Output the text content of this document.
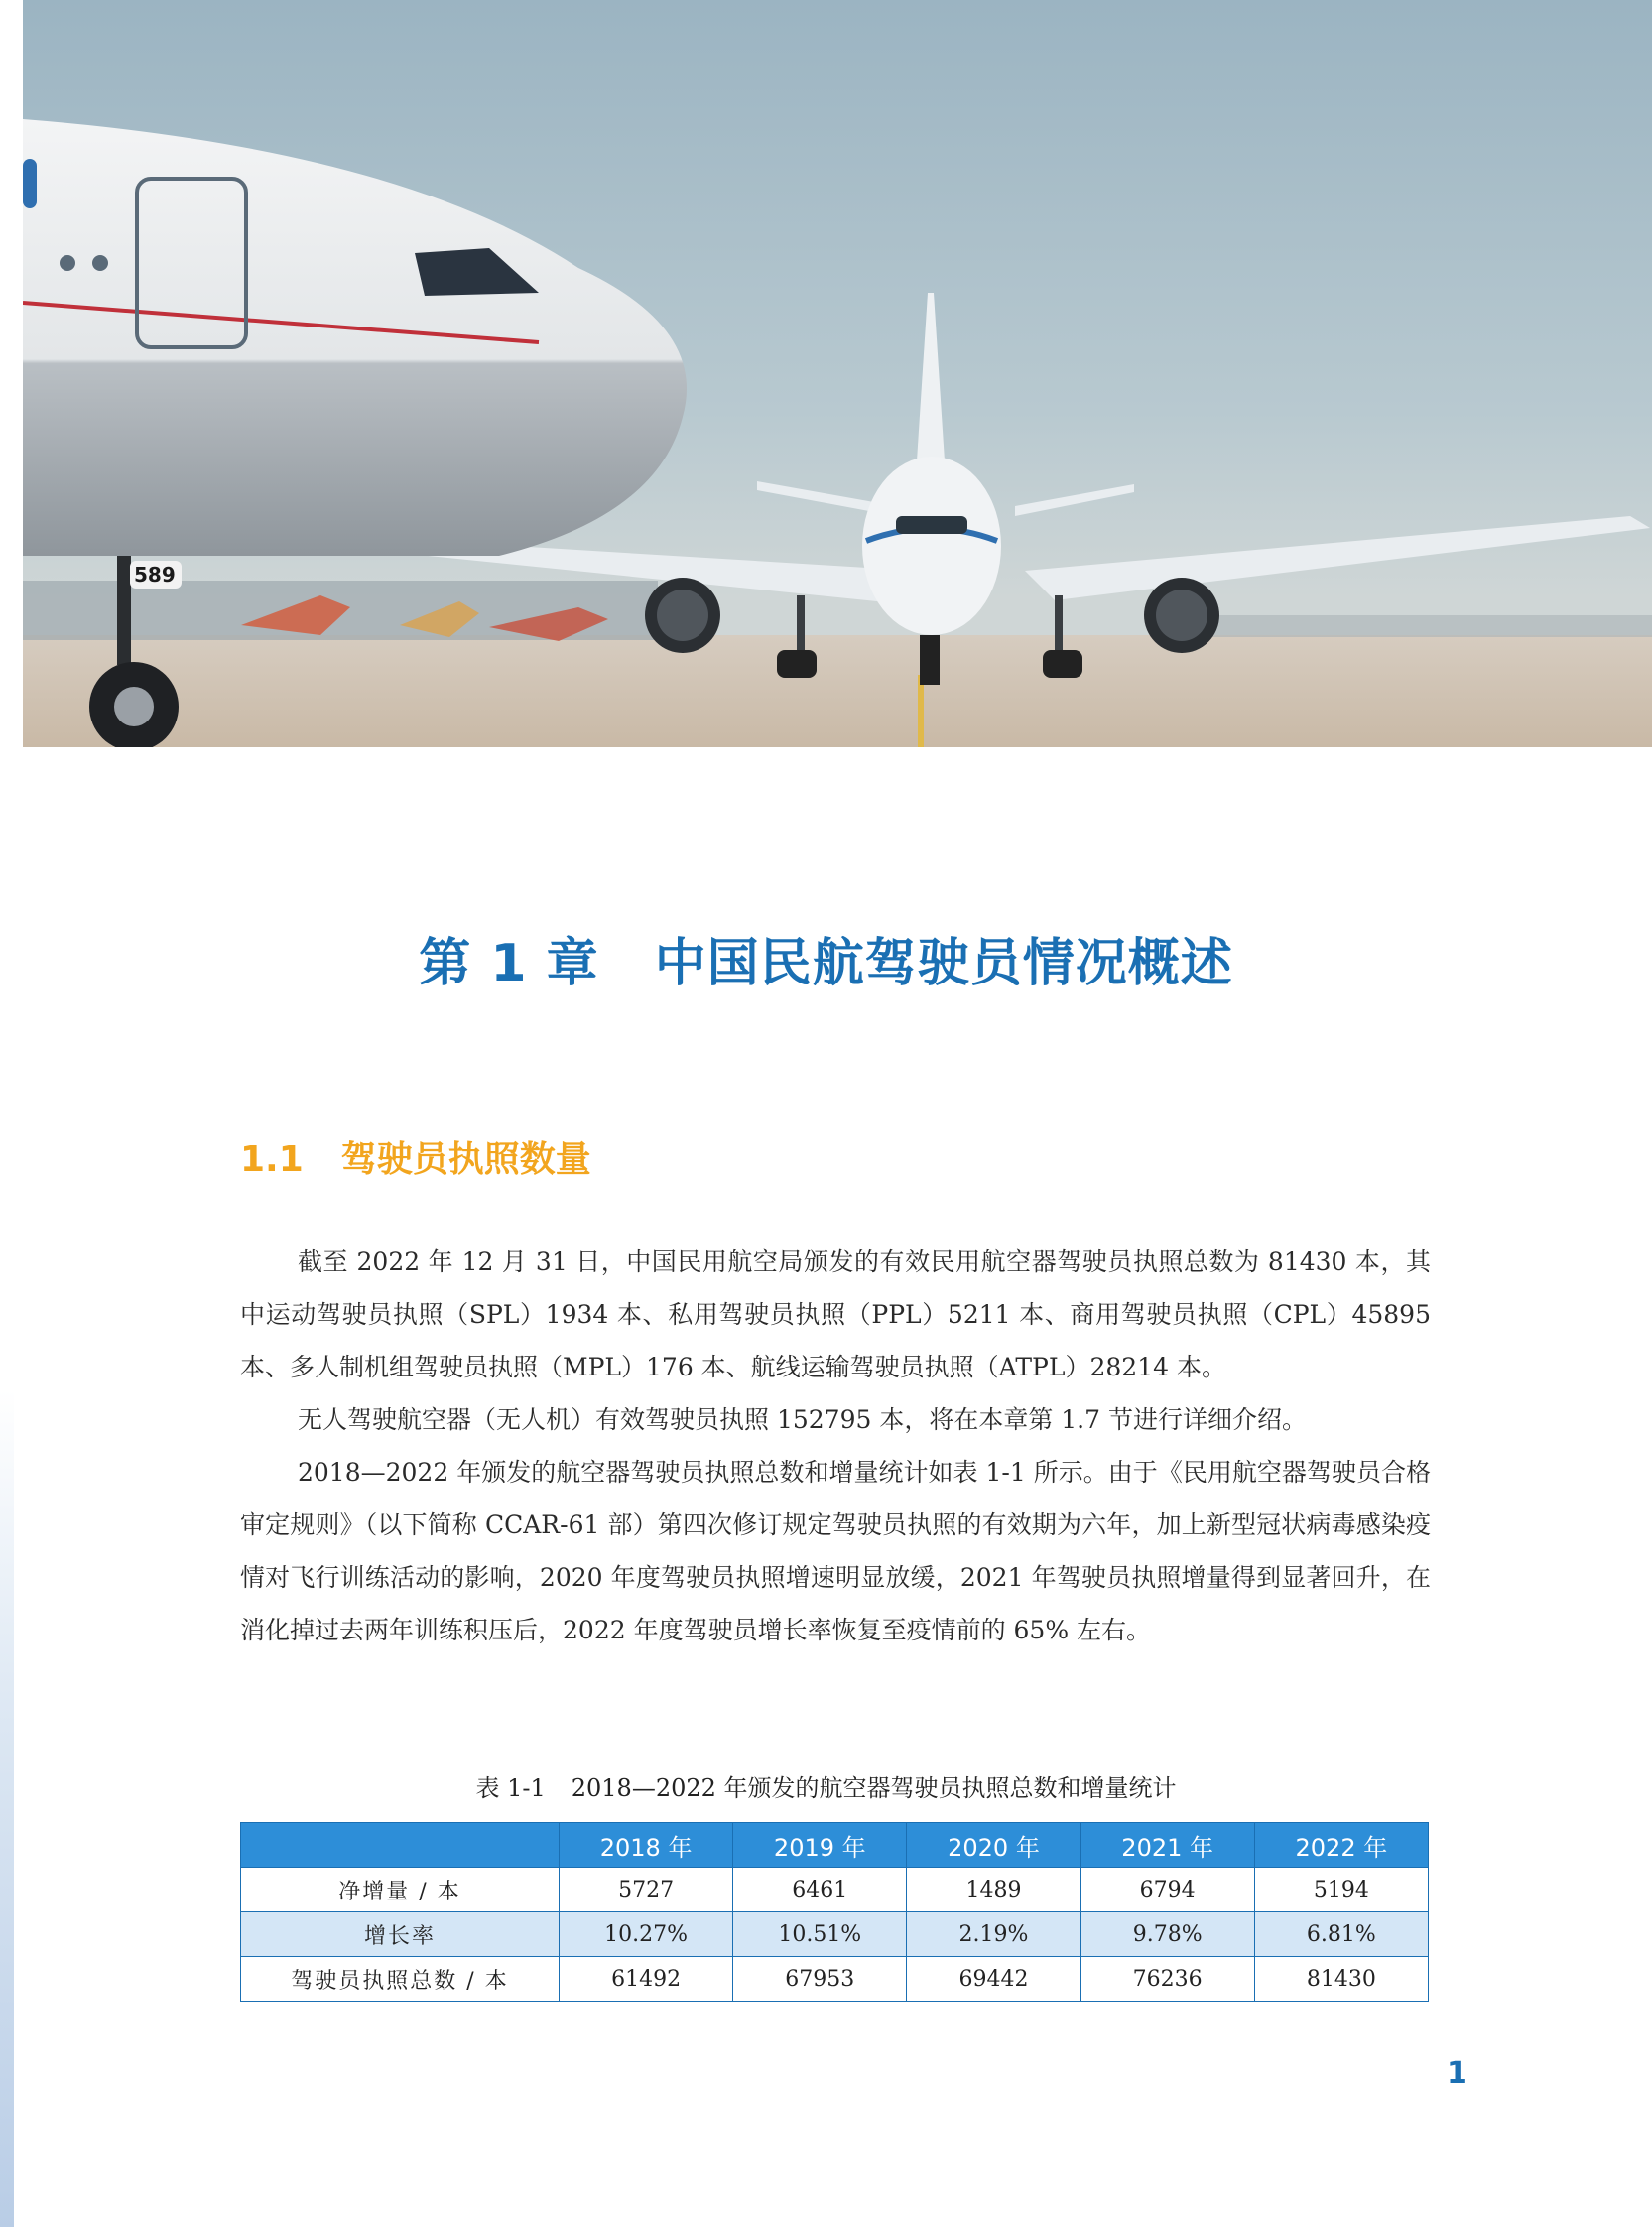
589
第 1 章 中国民航驾驶员情况概述
1.1 驾驶员执照数量

截至 2022 年 12 月 31 日，中国民用航空局颁发的有效民用航空器驾驶员执照总数为 81430 本，其中运动驾驶员执照（SPL）1934 本、私用驾驶员执照（PPL）5211 本、商用驾驶员执照（CPL）45895 本、多人制机组驾驶员执照（MPL）176 本、航线运输驾驶员执照（ATPL）28214 本。

无人驾驶航空器（无人机）有效驾驶员执照 152795 本，将在本章第 1.7 节进行详细介绍。

2018—2022 年颁发的航空器驾驶员执照总数和增量统计如表 1-1 所示。由于《民用航空器驾驶员合格审定规则》（以下简称 CCAR-61 部）第四次修订规定驾驶员执照的有效期为六年，加上新型冠状病毒感染疫情对飞行训练活动的影响，2020 年度驾驶员执照增速明显放缓，2021 年驾驶员执照增量得到显著回升，在消化掉过去两年训练积压后，2022 年度驾驶员增长率恢复至疫情前的 65% 左右。

表 1-1 2018—2022 年颁发的航空器驾驶员执照总数和增量统计
	2018 年	2019 年	2020 年	2021 年	2022 年
净增量 / 本	5727	6461	1489	6794	5194
增长率	10.27%	10.51%	2.19%	9.78%	6.81%
驾驶员执照总数 / 本	61492	67953	69442	76236	81430
1
